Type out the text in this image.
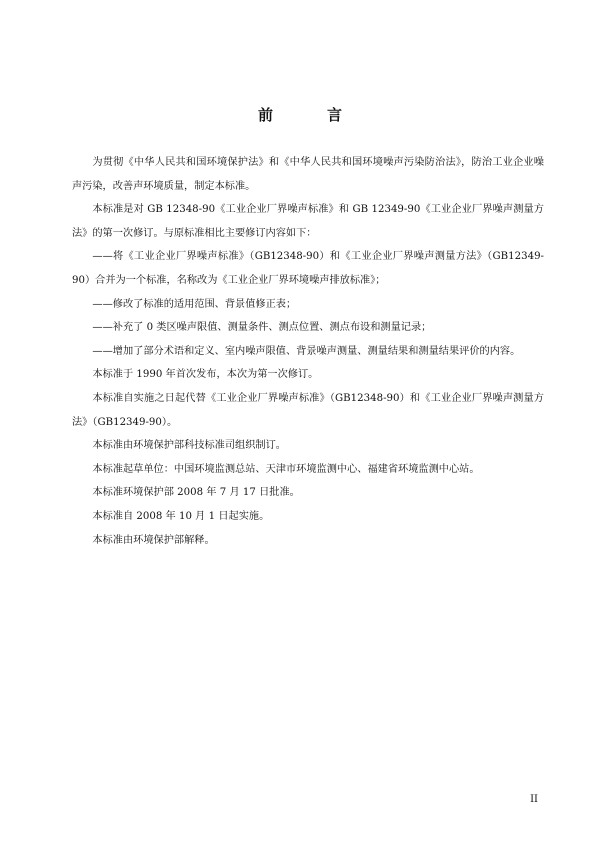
前　言

为贯彻《中华人民共和国环境保护法》和《中华人民共和国环境噪声污染防治法》，防治工业企业噪声污染，改善声环境质量，制定本标准。

本标准是对 GB 12348-90《工业企业厂界噪声标准》和 GB 12349-90《工业企业厂界噪声测量方法》的第一次修订。与原标准相比主要修订内容如下：

——将《工业企业厂界噪声标准》（GB12348-90）和《工业企业厂界噪声测量方法》（GB12349-90）合并为一个标准，名称改为《工业企业厂界环境噪声排放标准》；

——修改了标准的适用范围、背景值修正表；

——补充了 0 类区噪声限值、测量条件、测点位置、测点布设和测量记录；

——增加了部分术语和定义、室内噪声限值、背景噪声测量、测量结果和测量结果评价的内容。

本标准于 1990 年首次发布，本次为第一次修订。

本标准自实施之日起代替《工业企业厂界噪声标准》（GB12348-90）和《工业企业厂界噪声测量方法》（GB12349-90）。

本标准由环境保护部科技标准司组织制订。

本标准起草单位：中国环境监测总站、天津市环境监测中心、福建省环境监测中心站。

本标准环境保护部 2008 年 7 月 17 日批准。

本标准自 2008 年 10 月 1 日起实施。

本标准由环境保护部解释。

II
